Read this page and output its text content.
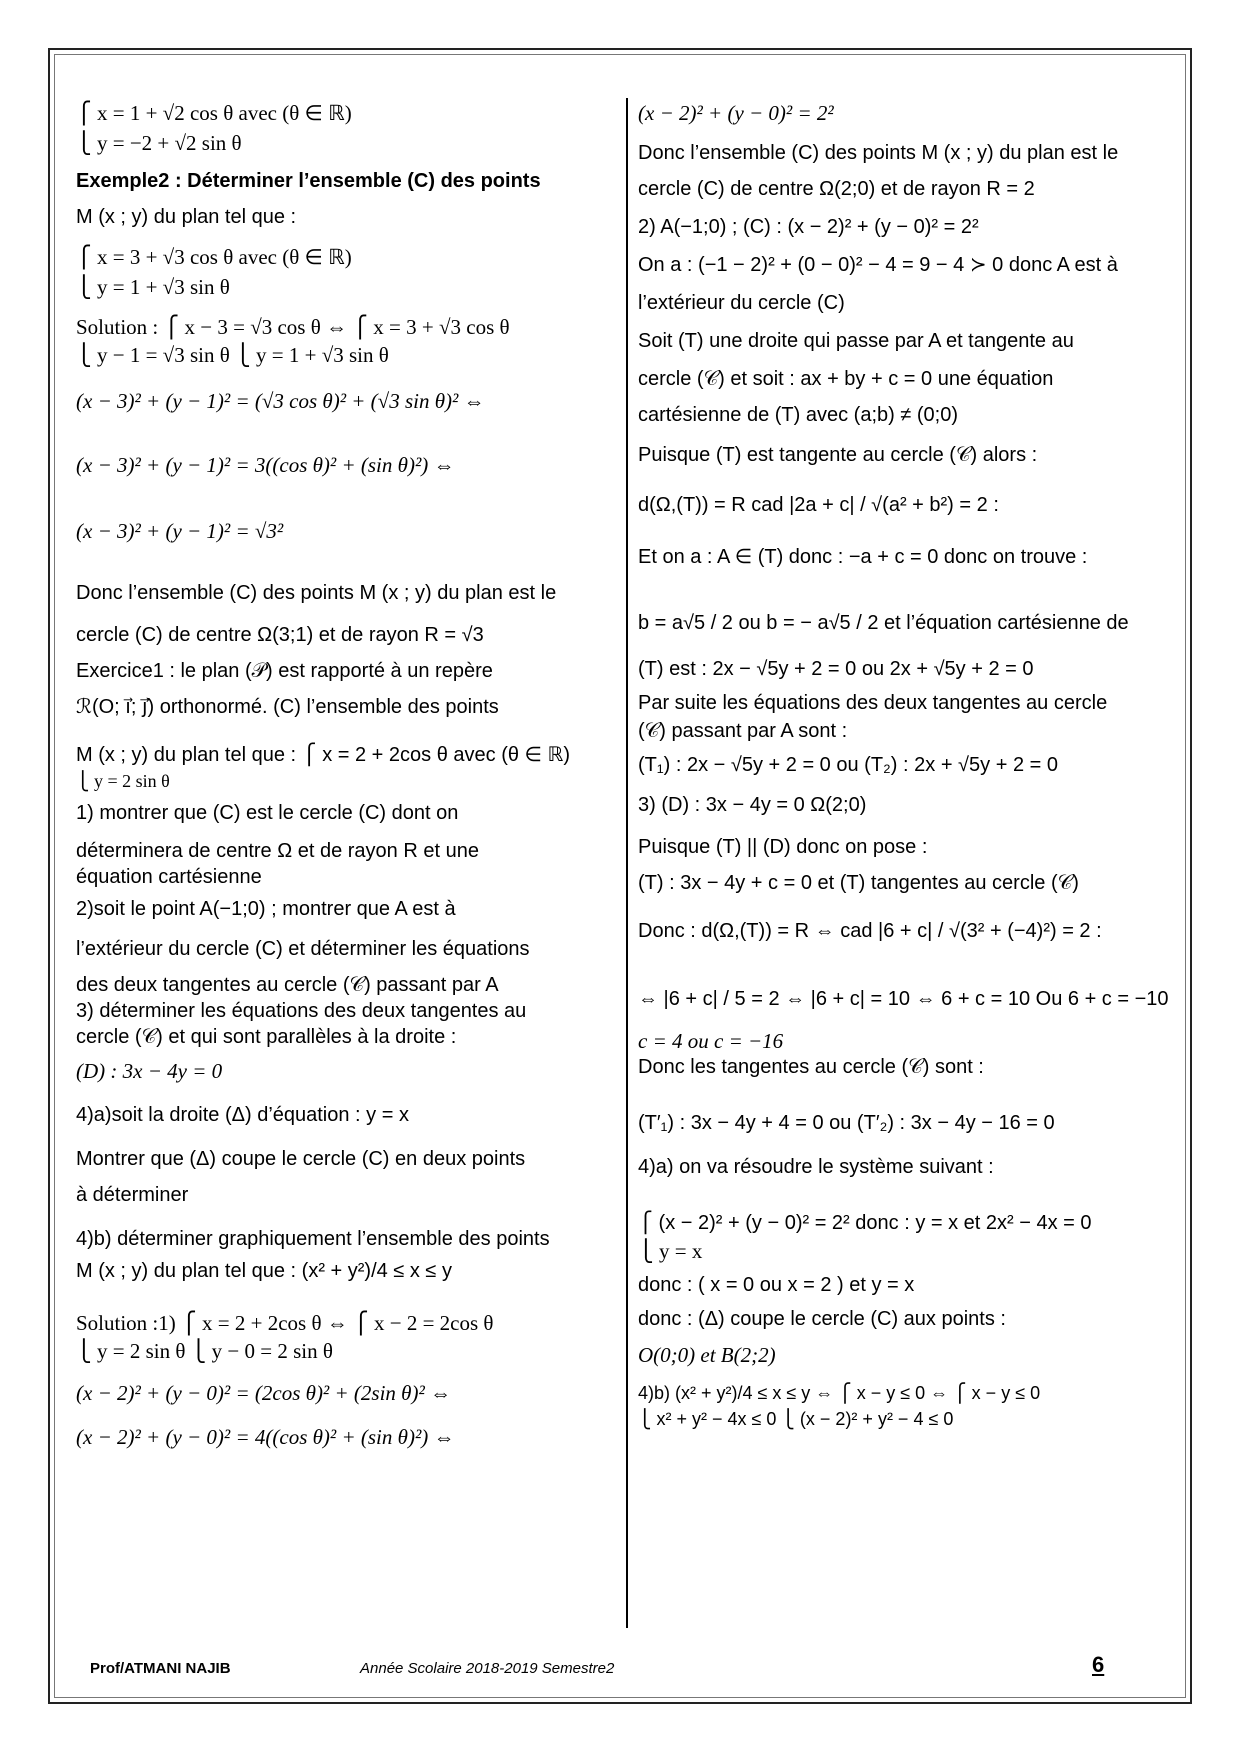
⎧ x = 1 + √2 cos θ avec (θ ∈ ℝ)
⎩ y = −2 + √2 sin θ
Exemple2 : Déterminer l’ensemble (C) des points
M (x ; y) du plan tel que :
⎧ x = 3 + √3 cos θ avec (θ ∈ ℝ)
⎩ y = 1 + √3 sin θ
Solution : ⎧ x − 3 = √3 cos θ ⇔ ⎧ x = 3 + √3 cos θ
⎩ y − 1 = √3 sin θ ⎩ y = 1 + √3 sin θ
(x − 3)² + (y − 1)² = (√3 cos θ)² + (√3 sin θ)² ⇔
(x − 3)² + (y − 1)² = 3((cos θ)² + (sin θ)²) ⇔
(x − 3)² + (y − 1)² = √3²
Donc l’ensemble (C) des points M (x ; y) du plan est le
cercle (C) de centre Ω(3;1) et de rayon R = √3
Exercice1 : le plan (𝒫) est rapporté à un repère
ℛ(O; i⃗; j⃗) orthonormé. (C) l’ensemble des points
M (x ; y) du plan tel que : ⎧ x = 2 + 2cos θ avec (θ ∈ ℝ)
⎩ y = 2 sin θ
1) montrer que (C) est le cercle (C) dont on
déterminera de centre Ω et de rayon R et une
équation cartésienne
2)soit le point A(−1;0) ; montrer que A est à
l’extérieur du cercle (C) et déterminer les équations
des deux tangentes au cercle (𝒞) passant par A
3) déterminer les équations des deux tangentes au
cercle (𝒞) et qui sont parallèles à la droite :
(D) : 3x − 4y = 0
4)a)soit la droite (Δ) d’équation : y = x
Montrer que (Δ) coupe le cercle (C) en deux points
à déterminer
4)b) déterminer graphiquement l’ensemble des points
M (x ; y) du plan tel que : (x² + y²)/4 ≤ x ≤ y
Solution :1) ⎧ x = 2 + 2cos θ ⇔ ⎧ x − 2 = 2cos θ
⎩ y = 2 sin θ ⎩ y − 0 = 2 sin θ
(x − 2)² + (y − 0)² = (2cos θ)² + (2sin θ)² ⇔
(x − 2)² + (y − 0)² = 4((cos θ)² + (sin θ)²) ⇔
(x − 2)² + (y − 0)² = 2²
Donc l’ensemble (C) des points M (x ; y) du plan est le
cercle (C) de centre Ω(2;0) et de rayon R = 2
2) A(−1;0) ; (C) : (x − 2)² + (y − 0)² = 2²
On a : (−1 − 2)² + (0 − 0)² − 4 = 9 − 4 ≻ 0 donc A est à
l’extérieur du cercle (C)
Soit (T) une droite qui passe par A et tangente au
cercle (𝒞) et soit : ax + by + c = 0 une équation
cartésienne de (T) avec (a;b) ≠ (0;0)
Puisque (T) est tangente au cercle (𝒞) alors :
d(Ω,(T)) = R cad |2a + c| / √(a² + b²) = 2 :
Et on a : A ∈ (T) donc : −a + c = 0 donc on trouve :
b = a√5 / 2 ou b = − a√5 / 2 et l’équation cartésienne de
(T) est : 2x − √5y + 2 = 0 ou 2x + √5y + 2 = 0
Par suite les équations des deux tangentes au cercle
(𝒞) passant par A sont :
(T₁) : 2x − √5y + 2 = 0 ou (T₂) : 2x + √5y + 2 = 0
3) (D) : 3x − 4y = 0 Ω(2;0)
Puisque (T) || (D) donc on pose :
(T) : 3x − 4y + c = 0 et (T) tangentes au cercle (𝒞)
Donc : d(Ω,(T)) = R ⇔ cad |6 + c| / √(3² + (−4)²) = 2 :
⇔ |6 + c| / 5 = 2 ⇔ |6 + c| = 10 ⇔ 6 + c = 10 Ou 6 + c = −10
c = 4 ou c = −16
Donc les tangentes au cercle (𝒞) sont :
(T′₁) : 3x − 4y + 4 = 0 ou (T′₂) : 3x − 4y − 16 = 0
4)a) on va résoudre le système suivant :
⎧ (x − 2)² + (y − 0)² = 2² donc : y = x et 2x² − 4x = 0
⎩ y = x
donc : ( x = 0 ou x = 2 ) et y = x
donc : (Δ) coupe le cercle (C) aux points :
O(0;0) et B(2;2)
4)b) (x² + y²)/4 ≤ x ≤ y ⇔ ⎧ x − y ≤ 0 ⇔ ⎧ x − y ≤ 0
⎩ x² + y² − 4x ≤ 0 ⎩ (x − 2)² + y² − 4 ≤ 0
Prof/ATMANI NAJIB	Année Scolaire 2018-2019 Semestre2	6
